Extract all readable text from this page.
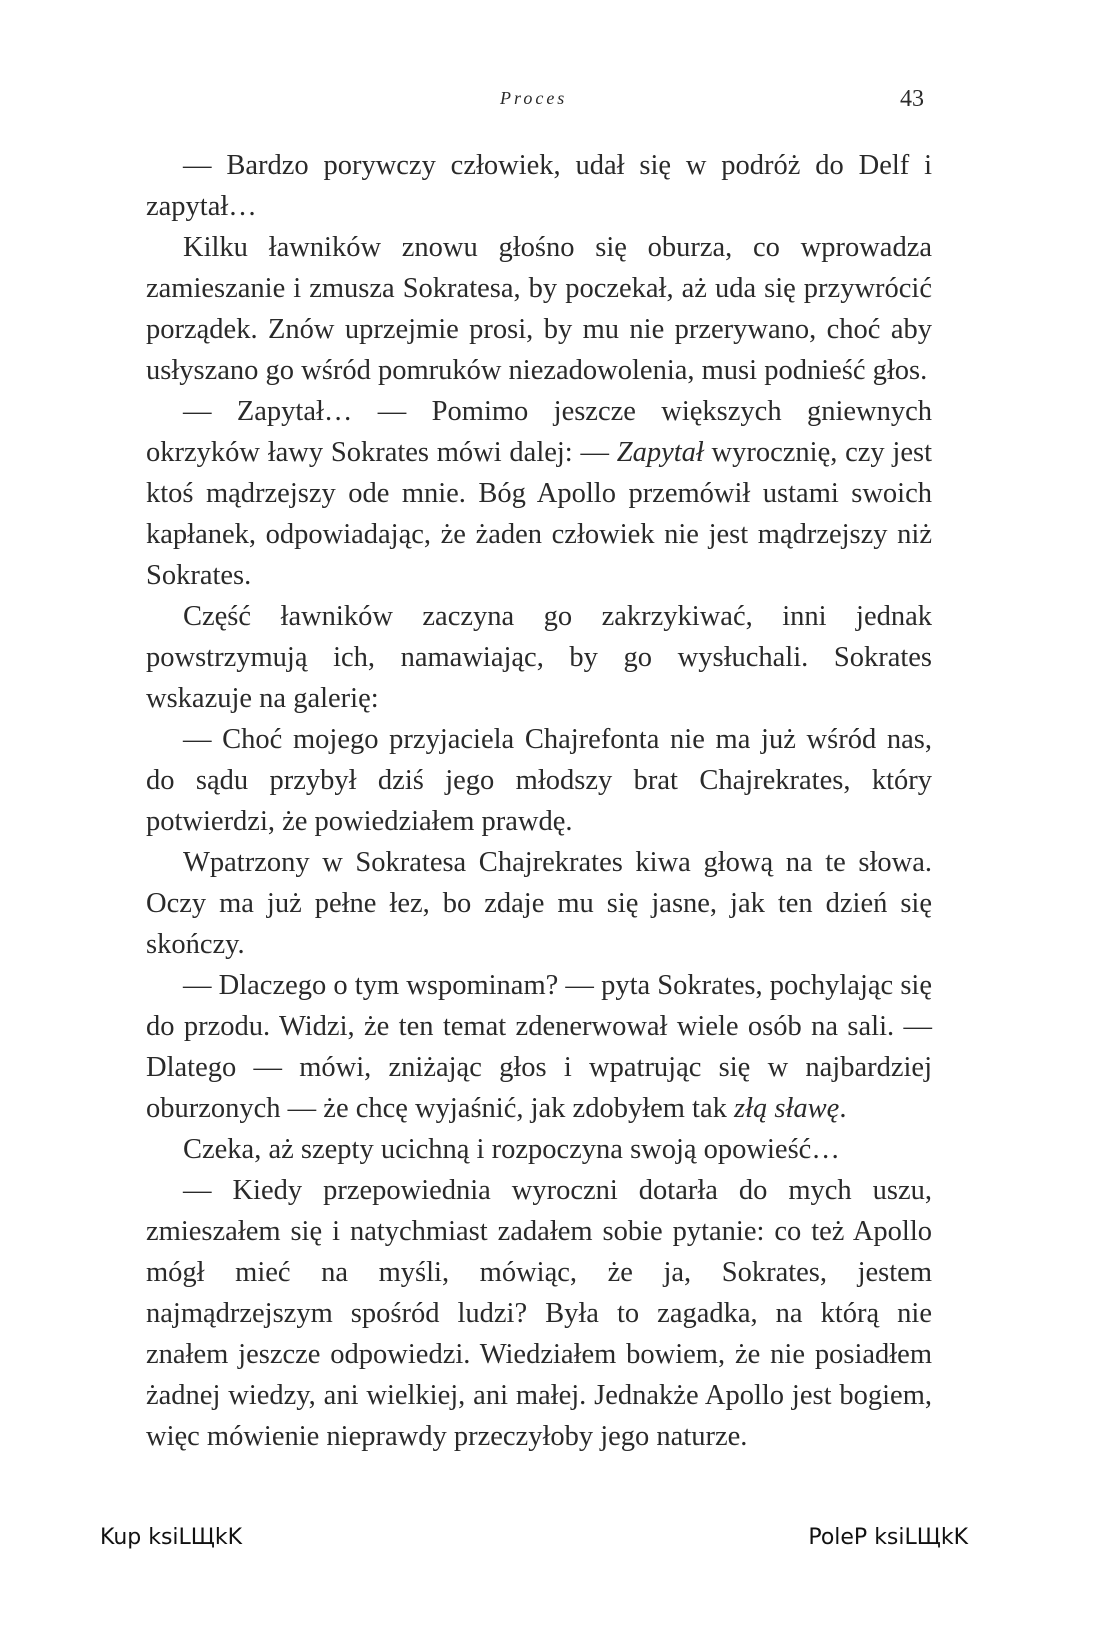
Proces	43

— Bardzo porywczy człowiek, udał się w podróż do Delf i zapytał…

Kilku ławników znowu głośno się oburza, co wprowadza zamieszanie i zmusza Sokratesa, by poczekał, aż uda się przywrócić porządek. Znów uprzejmie prosi, by mu nie przerywano, choć aby usłyszano go wśród pomruków niezadowolenia, musi podnieść głos.

— Zapytał… — Pomimo jeszcze większych gniewnych okrzyków ławy Sokrates mówi dalej: — Zapytał wyrocznię, czy jest ktoś mądrzejszy ode mnie. Bóg Apollo przemówił ustami swoich kapłanek, odpowiadając, że żaden człowiek nie jest mądrzejszy niż Sokrates.

Część ławników zaczyna go zakrzykiwać, inni jednak powstrzymują ich, namawiając, by go wysłuchali. Sokrates wskazuje na galerię:

— Choć mojego przyjaciela Chajrefonta nie ma już wśród nas, do sądu przybył dziś jego młodszy brat Chajrekrates, który potwierdzi, że powiedziałem prawdę.

Wpatrzony w Sokratesa Chajrekrates kiwa głową na te słowa. Oczy ma już pełne łez, bo zdaje mu się jasne, jak ten dzień się skończy.

— Dlaczego o tym wspominam? — pyta Sokrates, pochylając się do przodu. Widzi, że ten temat zdenerwował wiele osób na sali. — Dlatego — mówi, zniżając głos i wpatrując się w najbardziej oburzonych — że chcę wyjaśnić, jak zdobyłem tak złą sławę.

Czeka, aż szepty ucichną i rozpoczyna swoją opowieść…

— Kiedy przepowiednia wyroczni dotarła do mych uszu, zmieszałem się i natychmiast zadałem sobie pytanie: co też Apollo mógł mieć na myśli, mówiąc, że ja, Sokrates, jestem najmądrzejszym spośród ludzi? Była to zagadka, na którą nie znałem jeszcze odpowiedzi. Wiedziałem bowiem, że nie posiadłem żadnej wiedzy, ani wielkiej, ani małej. Jednakże Apollo jest bogiem, więc mówienie nieprawdy przeczyłoby jego naturze.

Kup ksiLЩkK	PoleP ksiLЩkK
